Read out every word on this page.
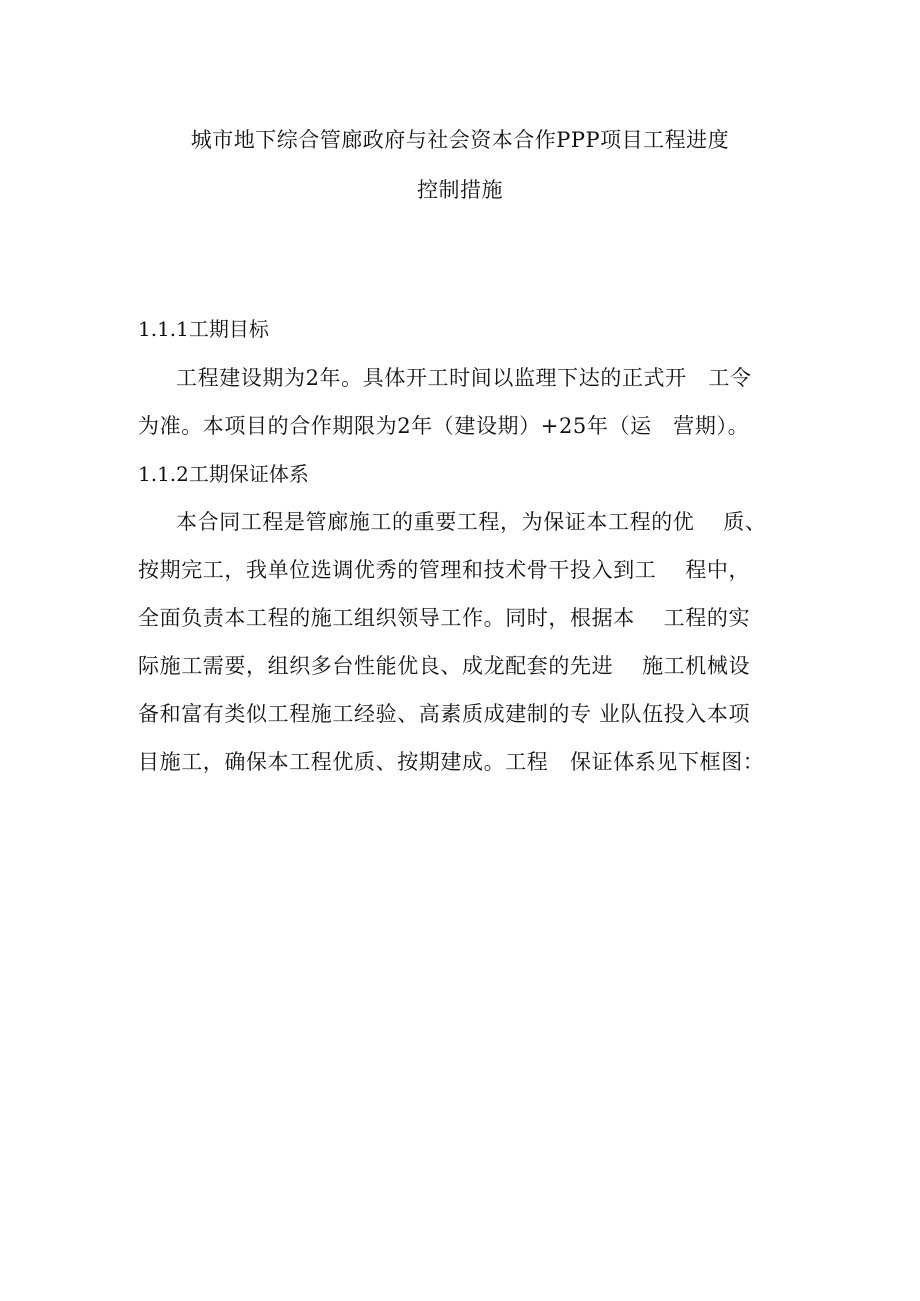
城市地下综合管廊政府与社会资本合作PPP项目工程进度
控制措施
1.1.1工期目标
工程建设期为2年。具体开工时间以监理下达的正式开　工令
为准。本项目的合作期限为2年（建设期）+25年（运　营期）。
1.1.2工期保证体系
本合同工程是管廊施工的重要工程，为保证本工程的优　 质、
按期完工，我单位选调优秀的管理和技术骨干投入到工　 程中，
全面负责本工程的施工组织领导工作。同时，根据本　 工程的实
际施工需要，组织多台性能优良、成龙配套的先进　 施工机械设
备和富有类似工程施工经验、高素质成建制的专 业队伍投入本项
目施工，确保本工程优质、按期建成。工程　保证体系见下框图：
